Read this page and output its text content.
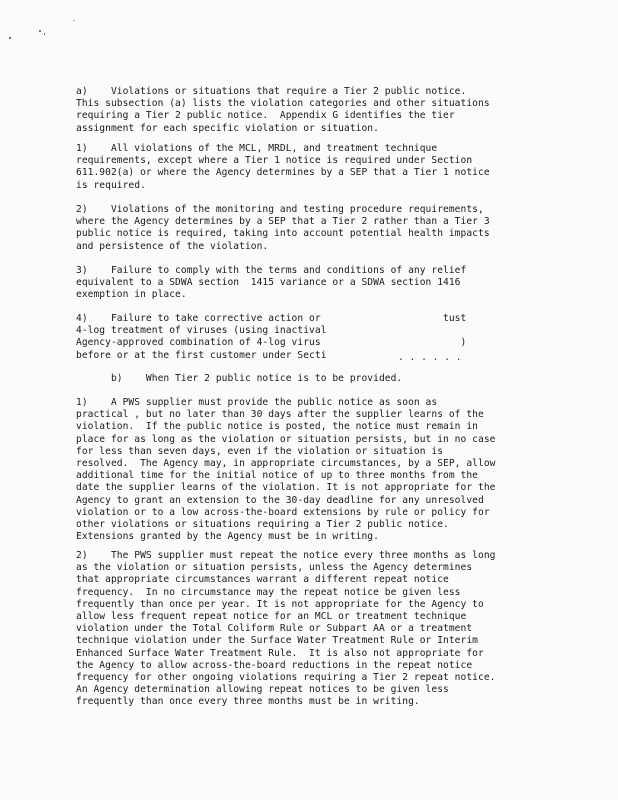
a)    Violations or situations that require a Tier 2 public notice.
This subsection (a) lists the violation categories and other situations
requiring a Tier 2 public notice.  Appendix G identifies the tier
assignment for each specific violation or situation.
1)    All violations of the MCL, MRDL, and treatment technique
requirements, except where a Tier 1 notice is required under Section
611.902(a) or where the Agency determines by a SEP that a Tier 1 notice
is required.
2)    Violations of the monitoring and testing procedure requirements,
where the Agency determines by a SEP that a Tier 2 rather than a Tier 3
public notice is required, taking into account potential health impacts
and persistence of the violation.
3)    Failure to comply with the terms and conditions of any relief
equivalent to a SDWA section  1415 variance or a SDWA section 1416
exemption in place.
4)    Failure to take corrective action or                     tust
4-log treatment of viruses (using inactival
Agency-approved combination of 4-log virus                        )
before or at the first customer under Secti	. . . . . .
b)    When Tier 2 public notice is to be provided.
1)    A PWS supplier must provide the public notice as soon as
practical , but no later than 30 days after the supplier learns of the
violation.  If the public notice is posted, the notice must remain in
place for as long as the violation or situation persists, but in no case
for less than seven days, even if the violation or situation is
resolved.  The Agency may, in appropriate circumstances, by a SEP, allow
additional time for the initial notice of up to three months from the
date the supplier learns of the violation. It is not appropriate for the
Agency to grant an extension to the 30-day deadline for any unresolved
violation or to a low across-the-board extensions by rule or policy for
other violations or situations requiring a Tier 2 public notice.
Extensions granted by the Agency must be in writing.
2)    The PWS supplier must repeat the notice every three months as long
as the violation or situation persists, unless the Agency determines
that appropriate circumstances warrant a different repeat notice
frequency.  In no circumstance may the repeat notice be given less
frequently than once per year. It is not appropriate for the Agency to
allow less frequent repeat notice for an MCL or treatment technique
violation under the Total Coliform Rule or Subpart AA or a treatment
technique violation under the Surface Water Treatment Rule or Interim
Enhanced Surface Water Treatment Rule.  It is also not appropriate for
the Agency to allow across-the-board reductions in the repeat notice
frequency for other ongoing violations requiring a Tier 2 repeat notice.
An Agency determination allowing repeat notices to be given less
frequently than once every three months must be in writing.
